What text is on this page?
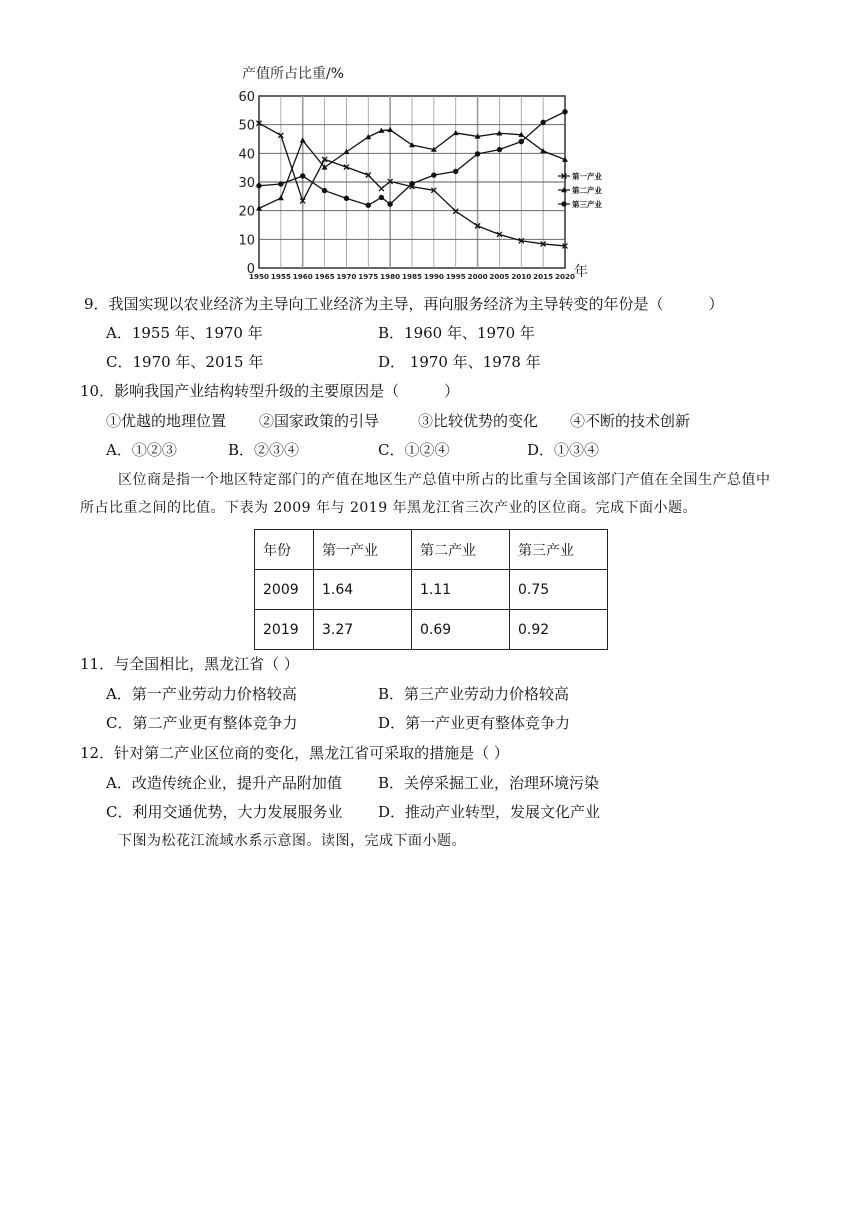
0
10
20
30
40
50
60
1950 1955 1960 1965 1970 1975 1980 1985 1990 1995 2000 2005 2010 2015 2020
产值所占比重/%
年
第一产业
第二产业
第三产业
9．我国实现以农业经济为主导向工业经济为主导，再向服务经济为主导转变的年份是（　　　）
A．1955 年、1970 年	B．1960 年、1970 年
C．1970 年、2015 年	D． 1970 年、1978 年
10．影响我国产业结构转型升级的主要原因是（　　　）
①优越的地理位置 ②国家政策的引导	③比较优势的变化 ④不断的技术创新
A．①②③	B．②③④	C．①②④	D．①③④
区位商是指一个地区特定部门的产值在地区生产总值中所占的比重与全国该部门产值在全国生产总值中所占比重之间的比值。下表为 2009 年与 2019 年黑龙江省三次产业的区位商。完成下面小题。
年份	第一产业	第二产业	第三产业
2009	1.64	1.11	0.75
2019	3.27	0.69	0.92
11．与全国相比，黑龙江省（ ）
A．第一产业劳动力价格较高	B．第三产业劳动力价格较高
C．第二产业更有整体竞争力	D．第一产业更有整体竞争力
12．针对第二产业区位商的变化，黑龙江省可采取的措施是（ ）
A．改造传统企业，提升产品附加值 B．关停采掘工业，治理环境污染
C．利用交通优势，大力发展服务业 D．推动产业转型，发展文化产业
下图为松花江流域水系示意图。读图，完成下面小题。
